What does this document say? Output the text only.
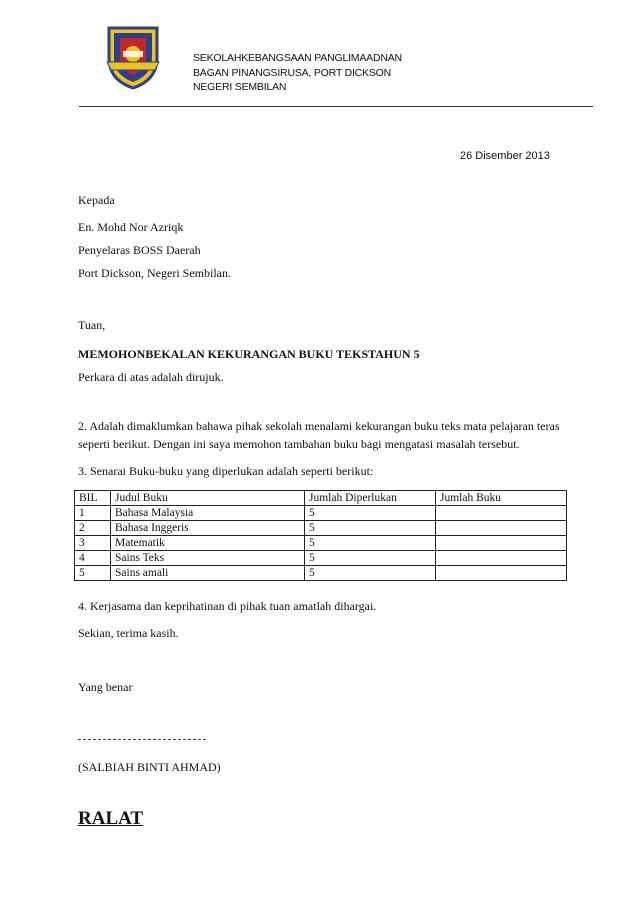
SEKOLAHKEBANGSAAN PANGLIMAADNAN
BAGAN PINANGSIRUSA, PORT DICKSON
NEGERI SEMBILAN
26 Disember 2013
Kepada
En. Mohd Nor Azriqk
Penyelaras BOSS Daerah
Port Dickson, Negeri Sembilan.
Tuan,
MEMOHONBEKALAN KEKURANGAN BUKU TEKSTAHUN 5
Perkara di atas adalah dirujuk.
2. Adalah dimaklumkan bahawa pihak sekolah menalami kekurangan buku teks mata pelajaran teras
seperti berikut. Dengan ini saya memohon tambahan buku bagi mengatasi masalah tersebut.
3. Senarai Buku-buku yang diperlukan adalah seperti berikut:
BIL	Judul Buku	Jumlah Diperlukan	Jumlah Buku
1	Bahasa Malaysia	5	
2	Bahasa Inggeris	5	
3	Matematik	5	
4	Sains Teks	5	
5	Sains amali	5	
4. Kerjasama dan keprihatinan di pihak tuan amatlah dihargai.
Sekian, terima kasih.
Yang benar
(SALBIAH BINTI AHMAD)
RALAT
